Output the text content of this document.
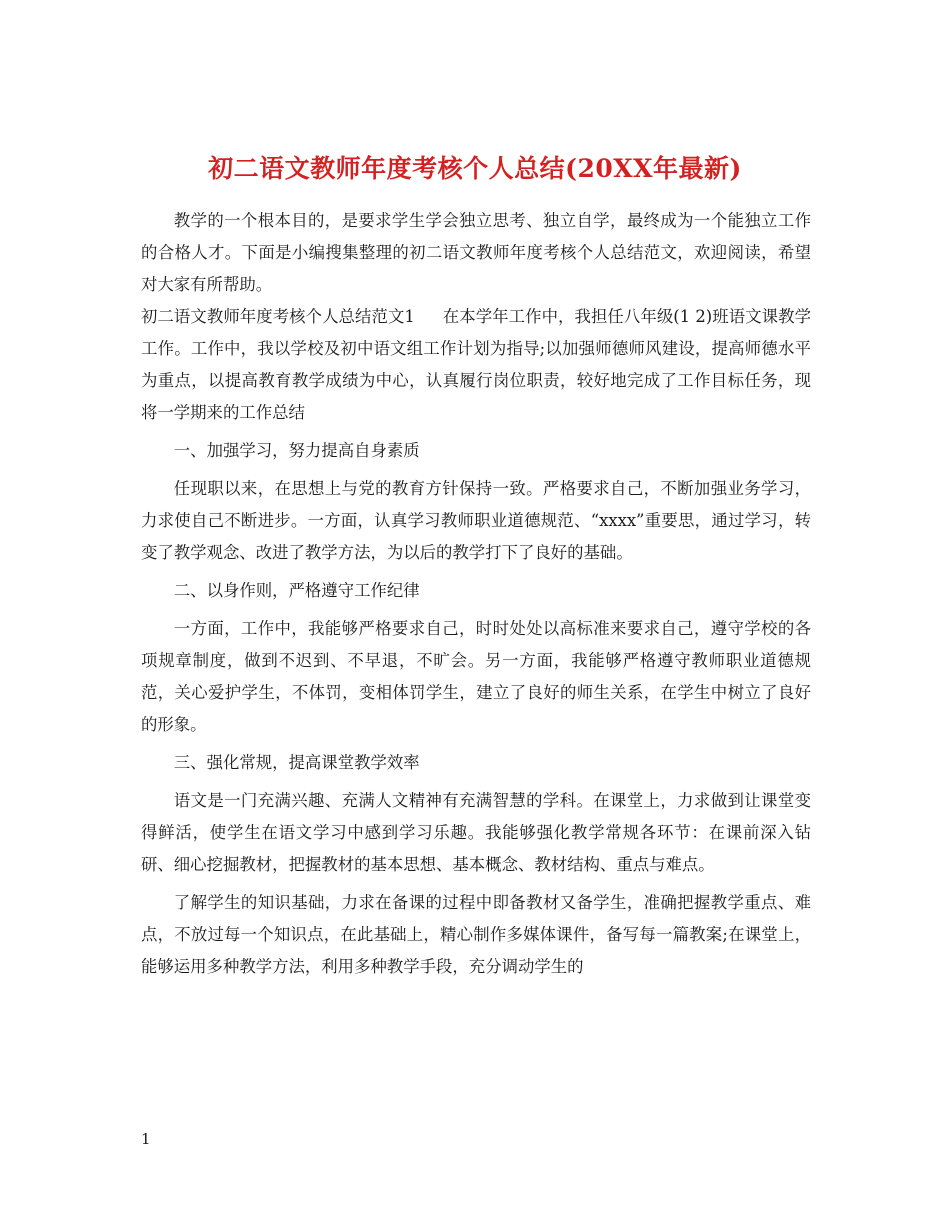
初二语文教师年度考核个人总结(20XX年最新)

教学的一个根本目的，是要求学生学会独立思考、独立自学，最终成为一个能独立工作的合格人才。下面是小编搜集整理的初二语文教师年度考核个人总结范文，欢迎阅读，希望对大家有所帮助。

初二语文教师年度考核个人总结范文1 在本学年工作中，我担任八年级(1 2)班语文课教学工作。工作中，我以学校及初中语文组工作计划为指导;以加强师德师风建设，提高师德水平为重点，以提高教育教学成绩为中心，认真履行岗位职责，较好地完成了工作目标任务，现将一学期来的工作总结

一、加强学习，努力提高自身素质

任现职以来，在思想上与党的教育方针保持一致。严格要求自己，不断加强业务学习，力求使自己不断进步。一方面，认真学习教师职业道德规范、“xxxx”重要思，通过学习，转变了教学观念、改进了教学方法，为以后的教学打下了良好的基础。

二、以身作则，严格遵守工作纪律

一方面，工作中，我能够严格要求自己，时时处处以高标准来要求自己，遵守学校的各项规章制度，做到不迟到、不早退，不旷会。另一方面，我能够严格遵守教师职业道德规范，关心爱护学生，不体罚，变相体罚学生，建立了良好的师生关系，在学生中树立了良好的形象。

三、强化常规，提高课堂教学效率

语文是一门充满兴趣、充满人文精神有充满智慧的学科。在课堂上，力求做到让课堂变得鲜活，使学生在语文学习中感到学习乐趣。我能够强化教学常规各环节：在课前深入钻研、细心挖掘教材，把握教材的基本思想、基本概念、教材结构、重点与难点。

了解学生的知识基础，力求在备课的过程中即备教材又备学生，准确把握教学重点、难点，不放过每一个知识点，在此基础上，精心制作多媒体课件，备写每一篇教案;在课堂上，能够运用多种教学方法，利用多种教学手段，充分调动学生的

1
